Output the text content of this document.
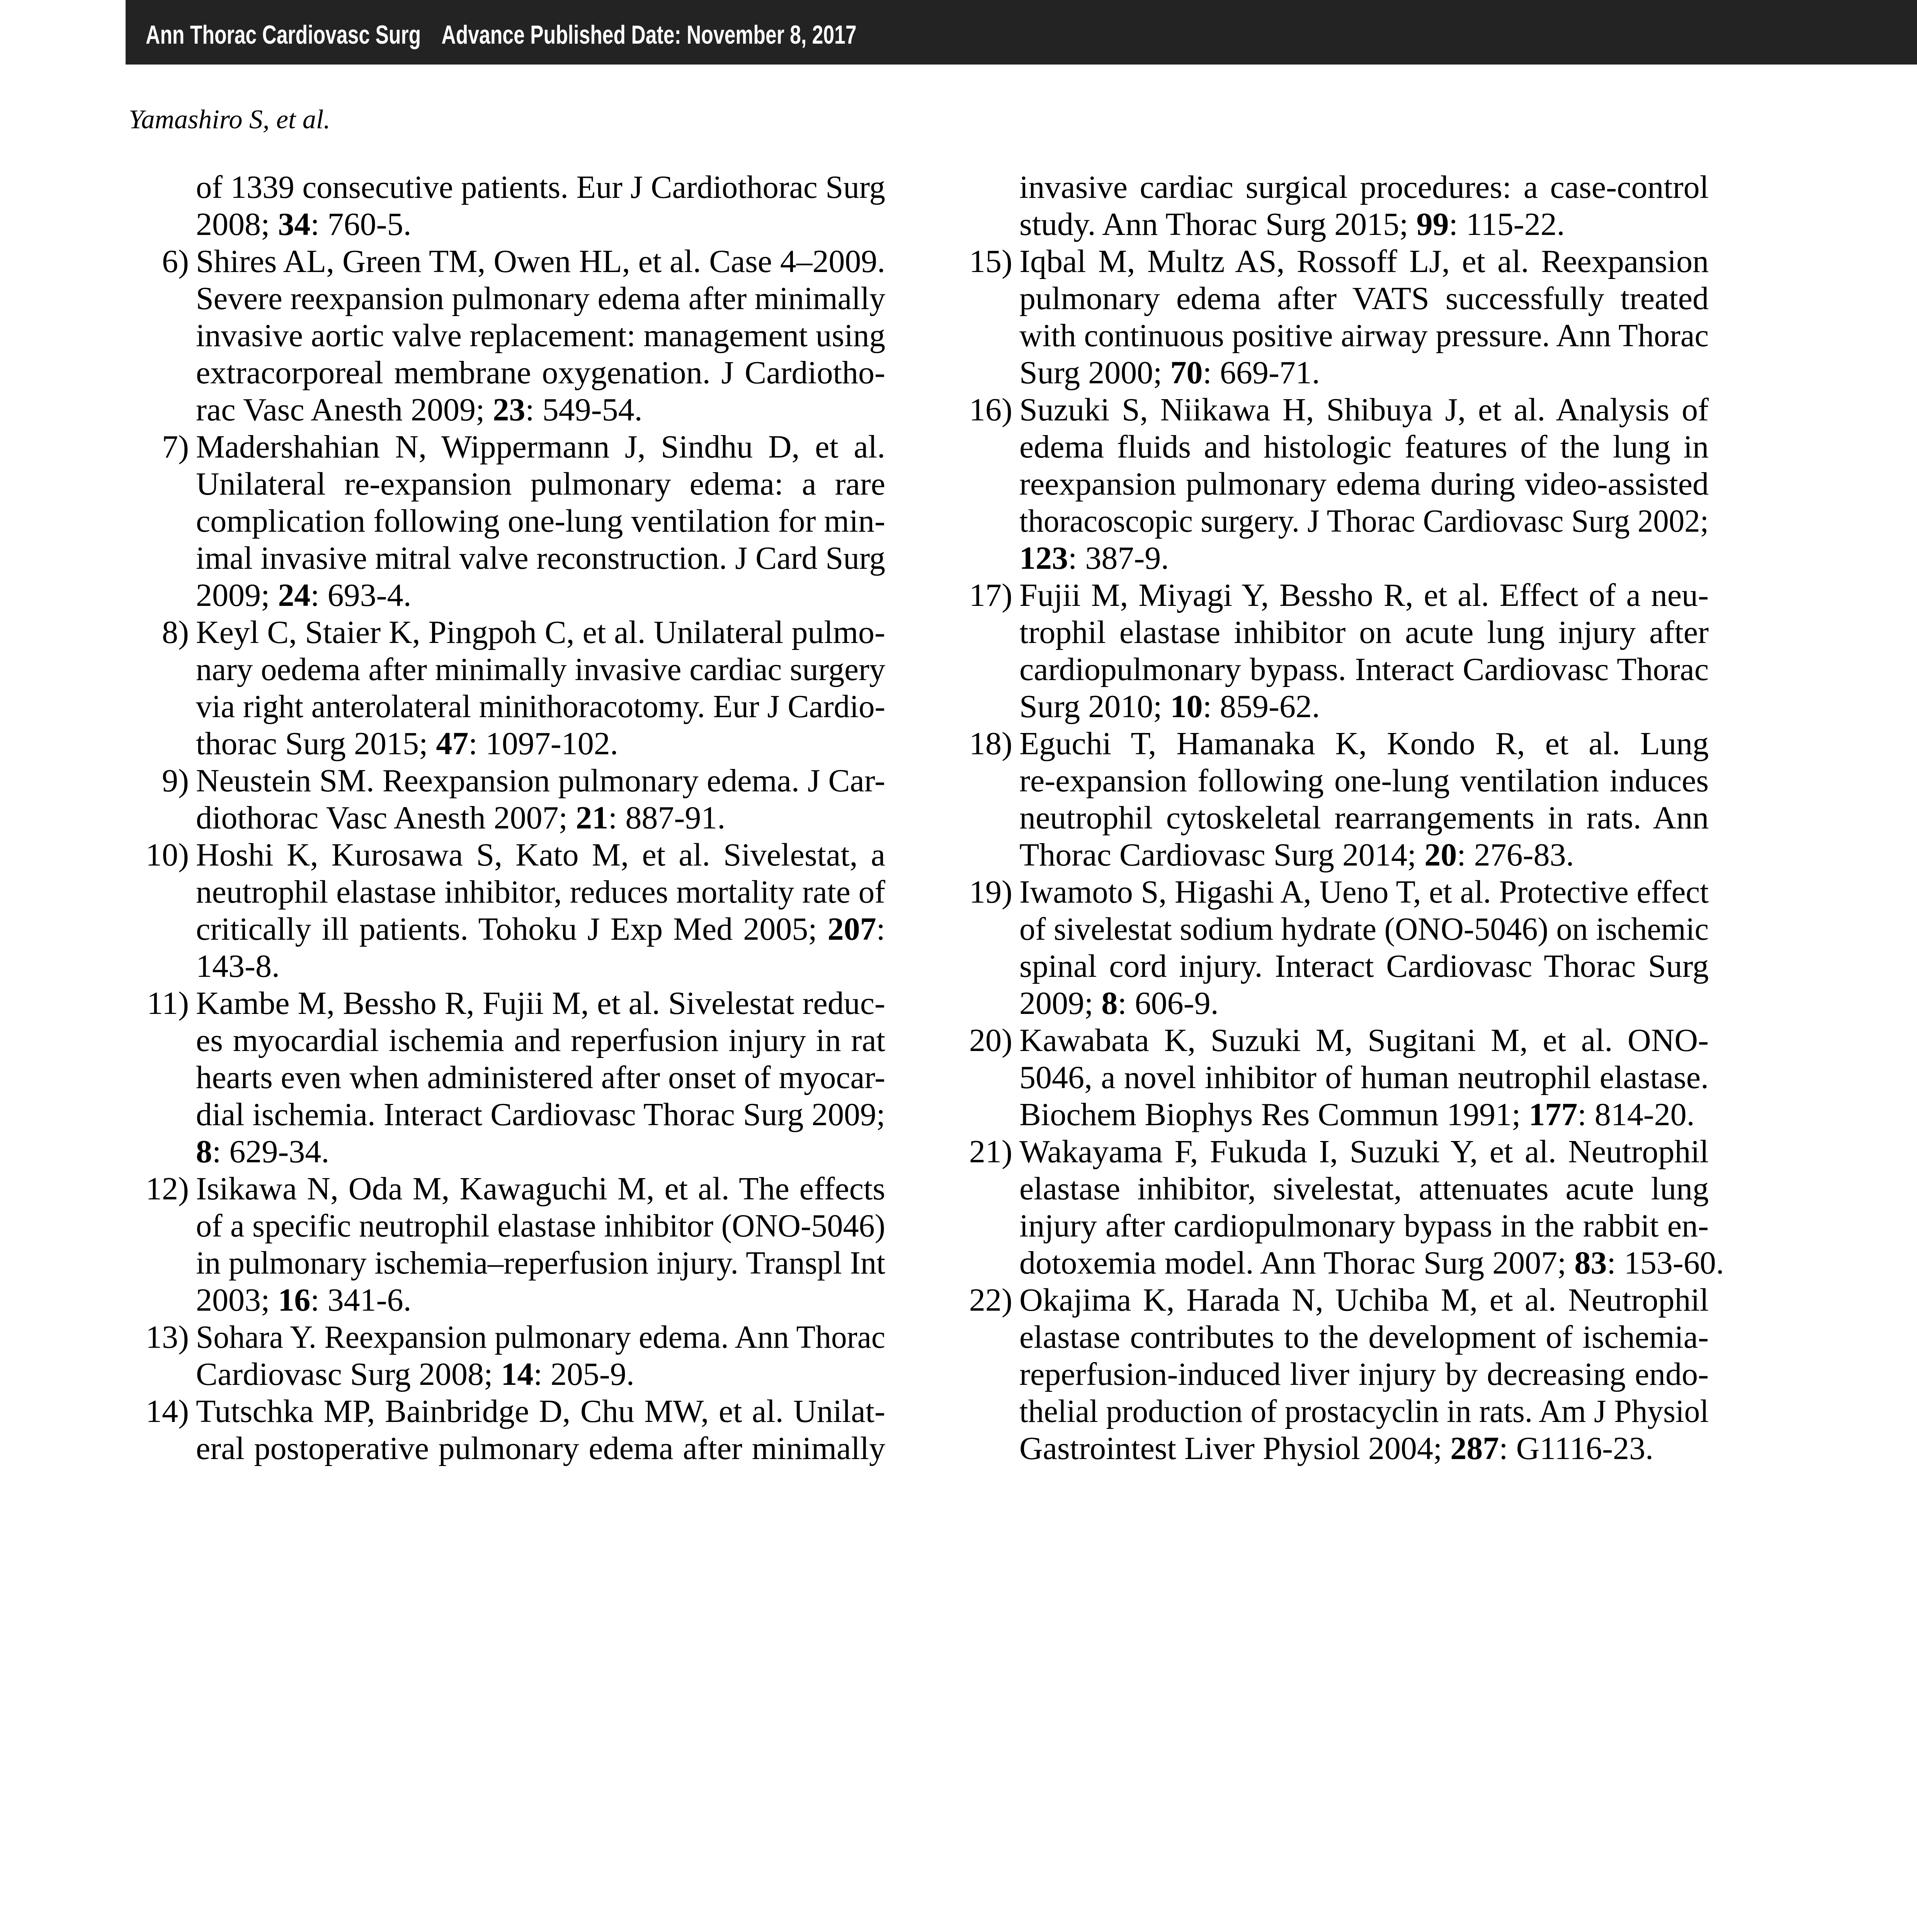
Ann Thorac Cardiovasc Surg Advance Published Date: November 8, 2017
Yamashiro S, et al.
of 1339 consecutive patients. Eur J Cardiothorac Surg
2008; 34: 760-5.
6) Shires AL, Green TM, Owen HL, et al. Case 4–2009.
Severe reexpansion pulmonary edema after minimally
invasive aortic valve replacement: management using
extracorporeal membrane oxygenation. J Cardiotho-
rac Vasc Anesth 2009; 23: 549-54.
7) Madershahian N, Wippermann J, Sindhu D, et al.
Unilateral re-expansion pulmonary edema: a rare
complication following one-lung ventilation for min-
imal invasive mitral valve reconstruction. J Card Surg
2009; 24: 693-4.
8) Keyl C, Staier K, Pingpoh C, et al. Unilateral pulmo-
nary oedema after minimally invasive cardiac surgery
via right anterolateral minithoracotomy. Eur J Cardio-
thorac Surg 2015; 47: 1097-102.
9) Neustein SM. Reexpansion pulmonary edema. J Car-
diothorac Vasc Anesth 2007; 21: 887-91.
10) Hoshi K, Kurosawa S, Kato M, et al. Sivelestat, a
neutrophil elastase inhibitor, reduces mortality rate of
critically ill patients. Tohoku J Exp Med 2005; 207:
143-8.
11) Kambe M, Bessho R, Fujii M, et al. Sivelestat reduc-
es myocardial ischemia and reperfusion injury in rat
hearts even when administered after onset of myocar-
dial ischemia. Interact Cardiovasc Thorac Surg 2009;
8: 629-34.
12) Isikawa N, Oda M, Kawaguchi M, et al. The effects
of a specific neutrophil elastase inhibitor (ONO-5046)
in pulmonary ischemia–reperfusion injury. Transpl Int
2003; 16: 341-6.
13) Sohara Y. Reexpansion pulmonary edema. Ann Thorac
Cardiovasc Surg 2008; 14: 205-9.
14) Tutschka MP, Bainbridge D, Chu MW, et al. Unilat-
eral postoperative pulmonary edema after minimally
invasive cardiac surgical procedures: a case-control
study. Ann Thorac Surg 2015; 99: 115-22.
15) Iqbal M, Multz AS, Rossoff LJ, et al. Reexpansion
pulmonary edema after VATS successfully treated
with continuous positive airway pressure. Ann Thorac
Surg 2000; 70: 669-71.
16) Suzuki S, Niikawa H, Shibuya J, et al. Analysis of
edema fluids and histologic features of the lung in
reexpansion pulmonary edema during video-assisted
thoracoscopic surgery. J Thorac Cardiovasc Surg 2002;
123: 387-9.
17) Fujii M, Miyagi Y, Bessho R, et al. Effect of a neu-
trophil elastase inhibitor on acute lung injury after
cardiopulmonary bypass. Interact Cardiovasc Thorac
Surg 2010; 10: 859-62.
18) Eguchi T, Hamanaka K, Kondo R, et al. Lung
re-expansion following one-lung ventilation induces
neutrophil cytoskeletal rearrangements in rats. Ann
Thorac Cardiovasc Surg 2014; 20: 276-83.
19) Iwamoto S, Higashi A, Ueno T, et al. Protective effect
of sivelestat sodium hydrate (ONO-5046) on ischemic
spinal cord injury. Interact Cardiovasc Thorac Surg
2009; 8: 606-9.
20) Kawabata K, Suzuki M, Sugitani M, et al. ONO-
5046, a novel inhibitor of human neutrophil elastase.
Biochem Biophys Res Commun 1991; 177: 814-20.
21) Wakayama F, Fukuda I, Suzuki Y, et al. Neutrophil
elastase inhibitor, sivelestat, attenuates acute lung
injury after cardiopulmonary bypass in the rabbit en-
dotoxemia model. Ann Thorac Surg 2007; 83: 153-60.
22) Okajima K, Harada N, Uchiba M, et al. Neutrophil
elastase contributes to the development of ischemia-
reperfusion-induced liver injury by decreasing endo-
thelial production of prostacyclin in rats. Am J Physiol
Gastrointest Liver Physiol 2004; 287: G1116-23.
